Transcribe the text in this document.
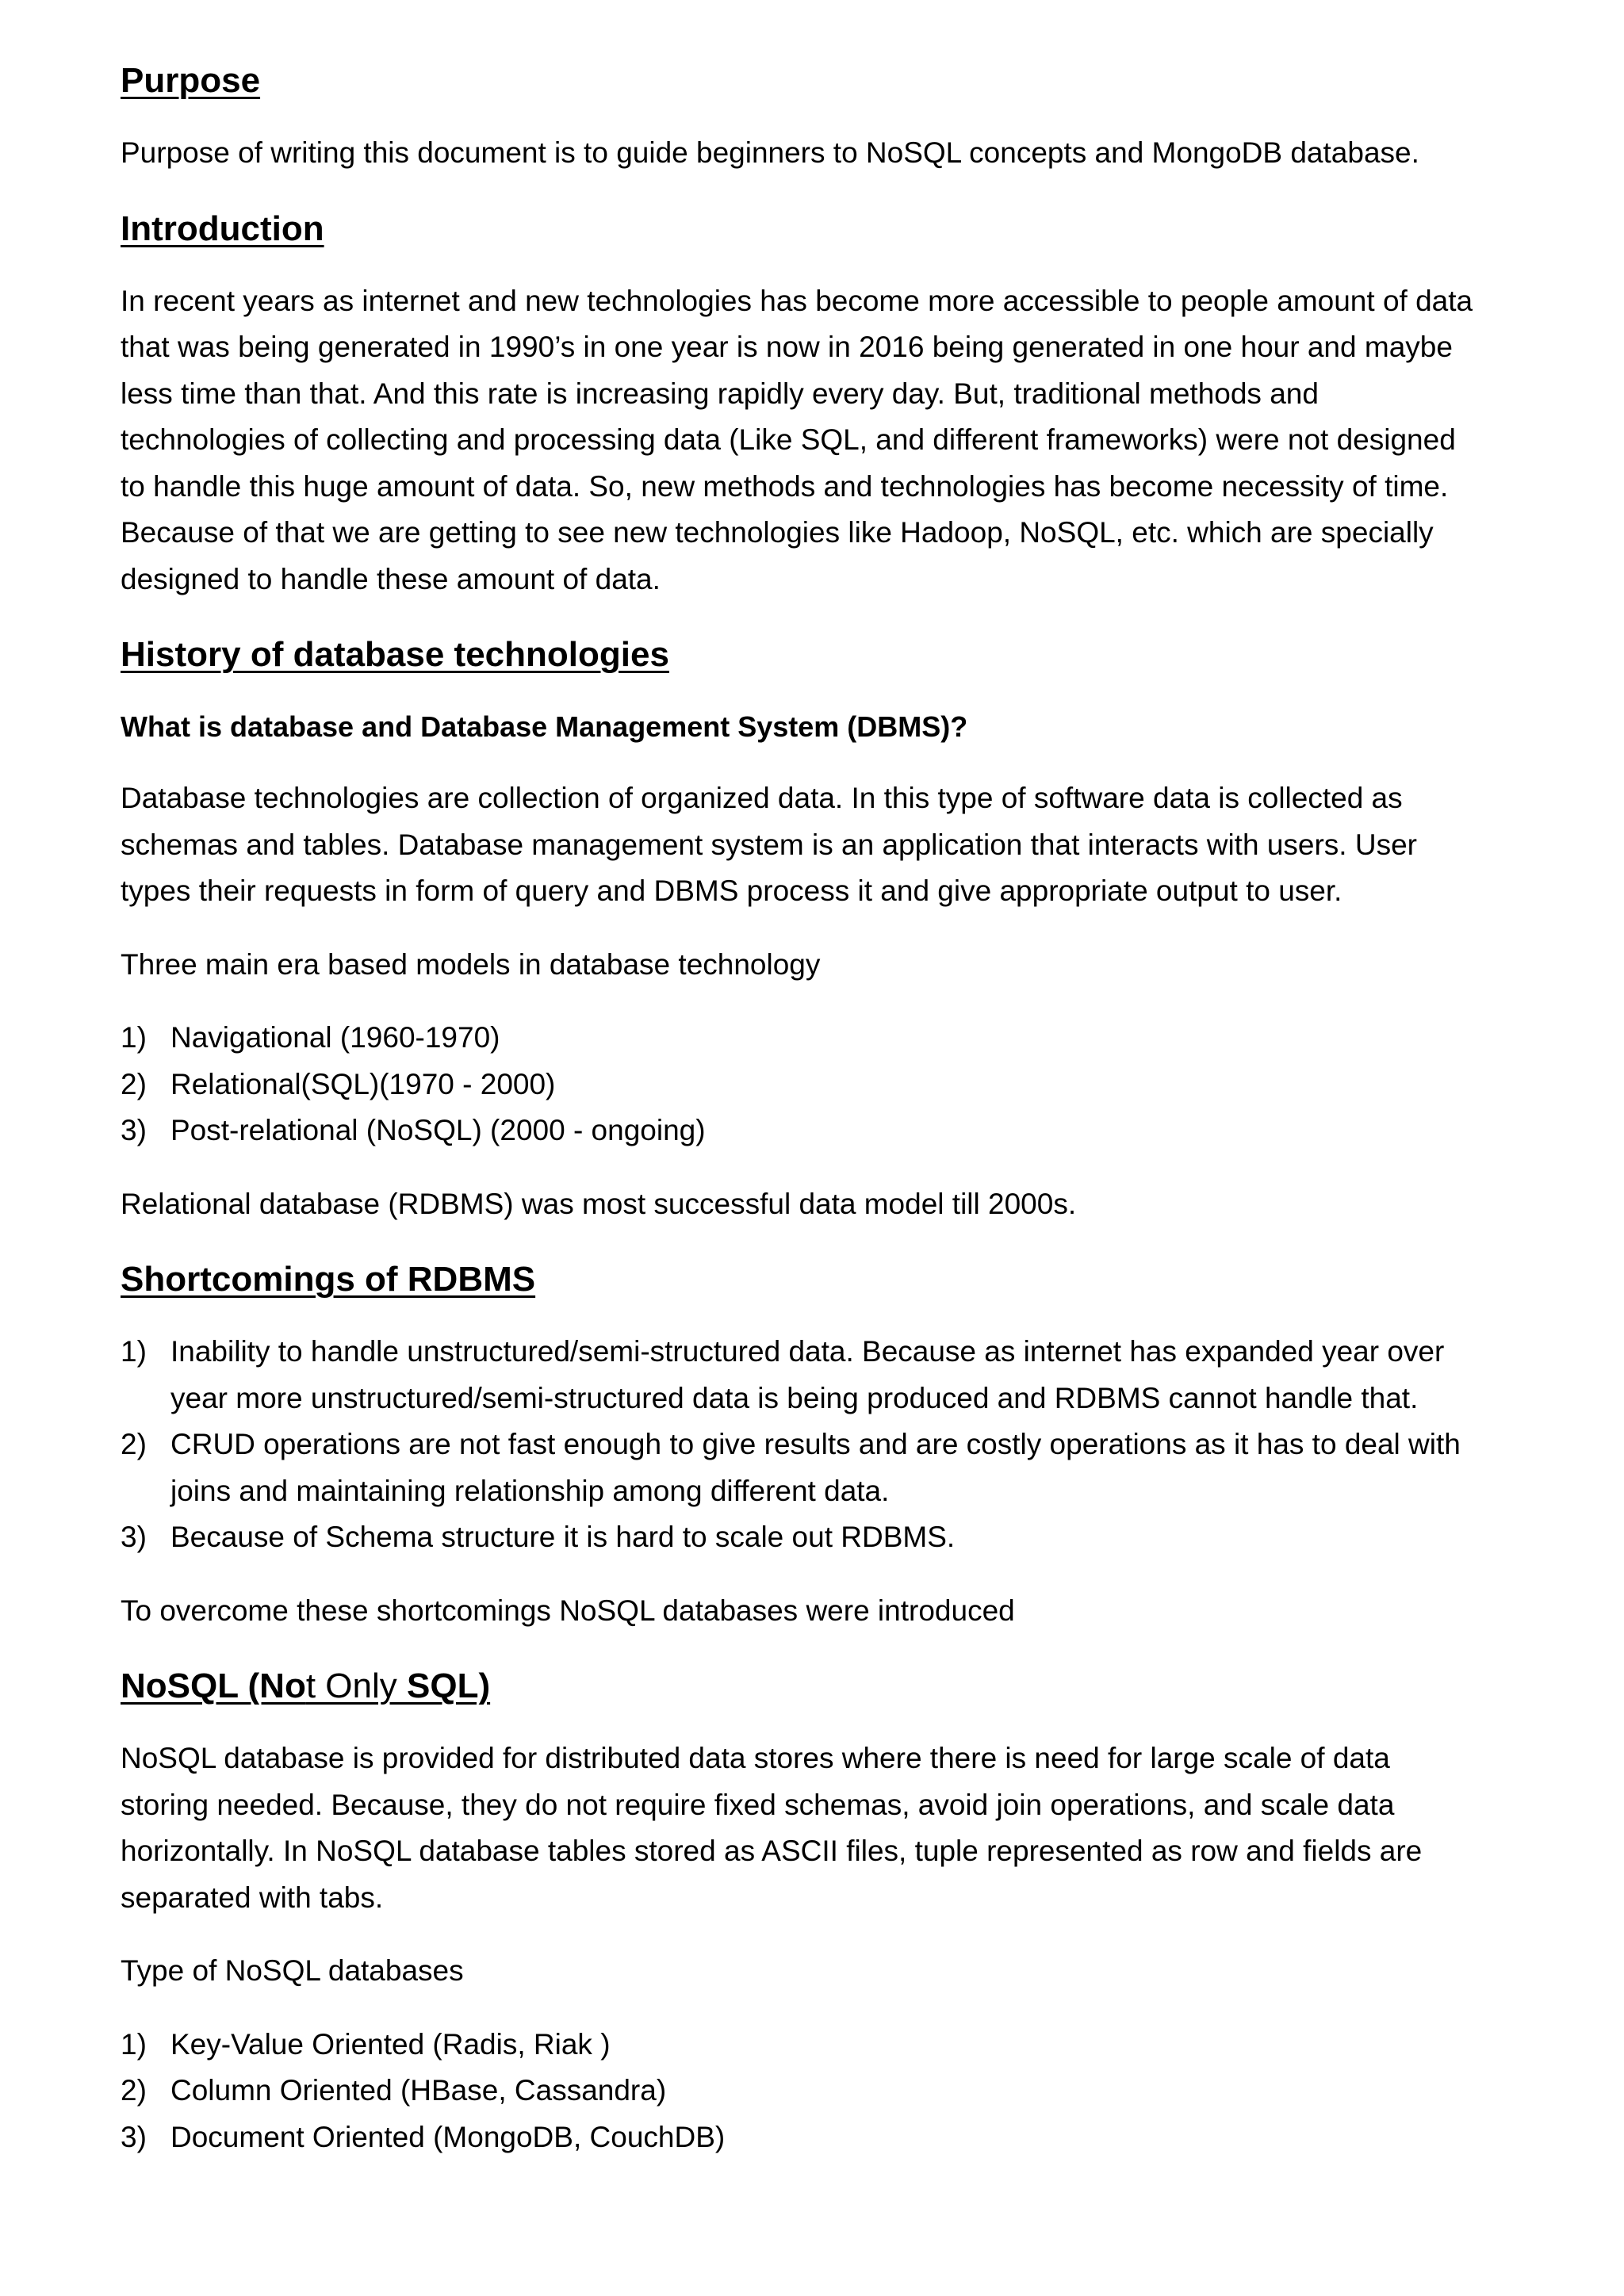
Purpose

Purpose of writing this document is to guide beginners to NoSQL concepts and MongoDB database.

Introduction

In recent years as internet and new technologies has become more accessible to people amount of data

that was being generated in 1990’s in one year is now in 2016 being generated in one hour and maybe

less time than that. And this rate is increasing rapidly every day. But, traditional methods and

technologies of collecting and processing data (Like SQL, and different frameworks) were not designed

to handle this huge amount of data. So, new methods and technologies has become necessity of time.

Because of that we are getting to see new technologies like Hadoop, NoSQL, etc. which are specially

designed to handle these amount of data.

History of database technologies
What is database and Database Management System (DBMS)?

Database technologies are collection of organized data. In this type of software data is collected as

schemas and tables. Database management system is an application that interacts with users. User

types their requests in form of query and DBMS process it and give appropriate output to user.

Three main era based models in database technology

1) Navigational (1960-1970)
2) Relational(SQL)(1970 - 2000)
3) Post-relational (NoSQL) (2000 - ongoing)

Relational database (RDBMS) was most successful data model till 2000s.

Shortcomings of RDBMS
1) Inability to handle unstructured/semi-structured data. Because as internet has expanded year over
year more unstructured/semi-structured data is being produced and RDBMS cannot handle that.
2) CRUD operations are not fast enough to give results and are costly operations as it has to deal with
joins and maintaining relationship among different data.
3) Because of Schema structure it is hard to scale out RDBMS.

To overcome these shortcomings NoSQL databases were introduced

NoSQL (Not Only SQL)

NoSQL database is provided for distributed data stores where there is need for large scale of data

storing needed. Because, they do not require fixed schemas, avoid join operations, and scale data

horizontally. In NoSQL database tables stored as ASCII files, tuple represented as row and fields are

separated with tabs.

Type of NoSQL databases

1) Key-Value Oriented (Radis, Riak )
2) Column Oriented (HBase, Cassandra)
3) Document Oriented (MongoDB, CouchDB)
